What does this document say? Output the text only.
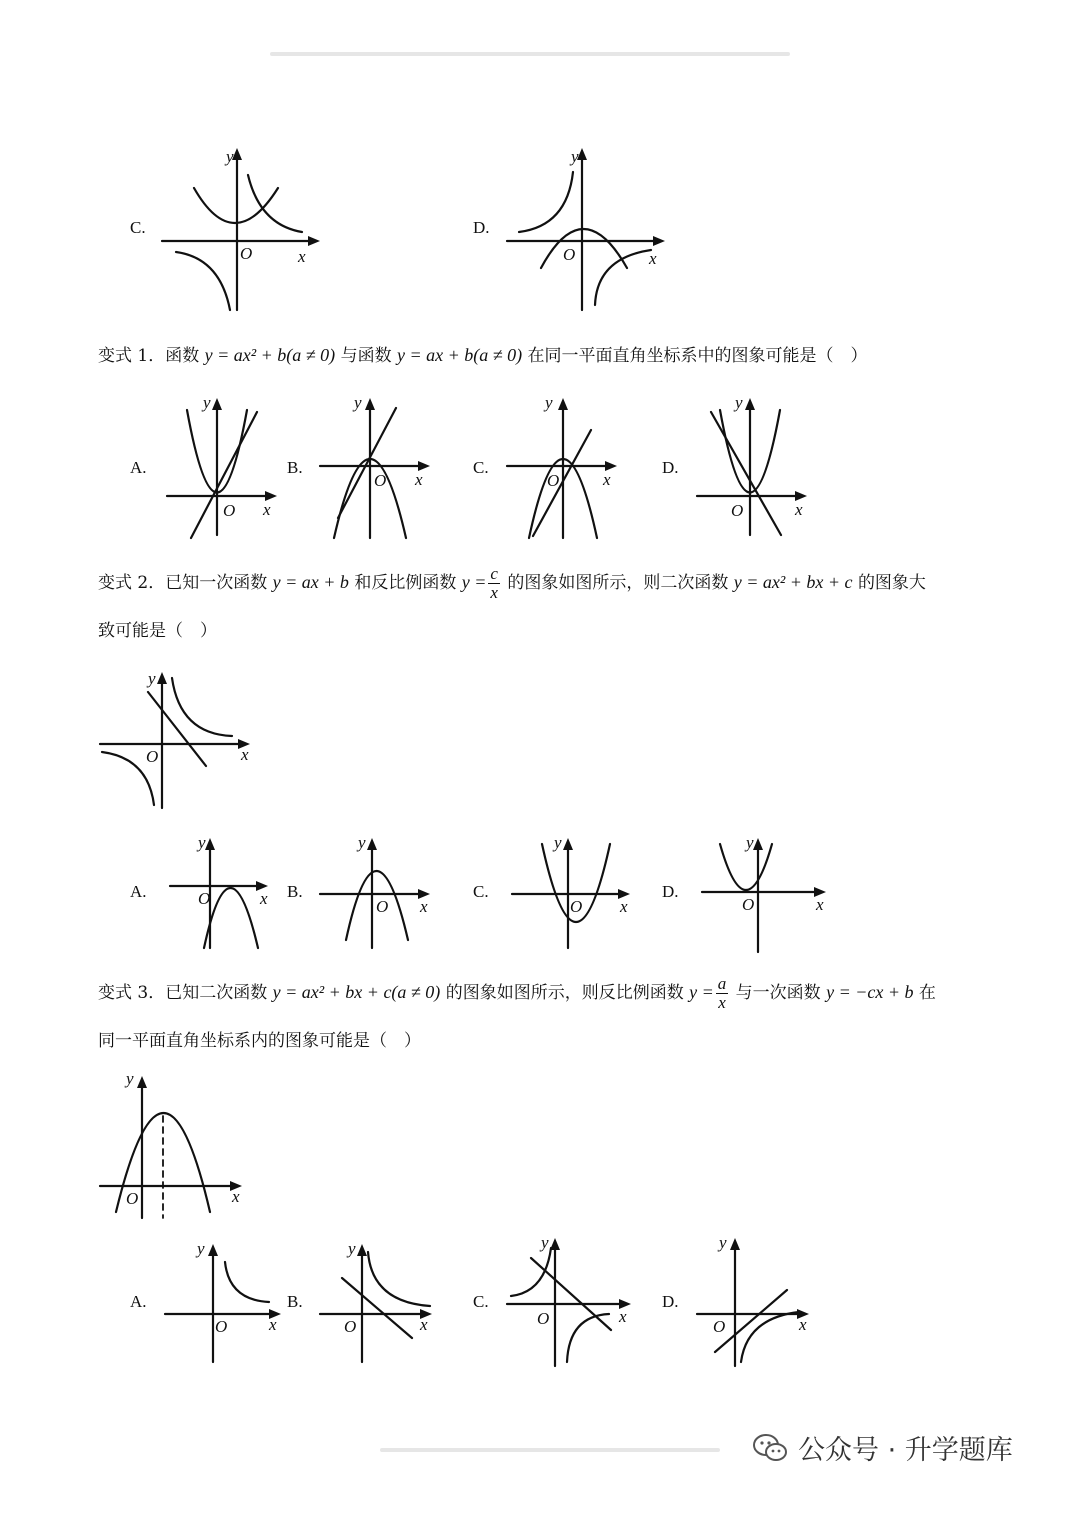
C.
y
x
O
D.
y
x
O
变式 1．函数 y = ax² + b(a ≠ 0) 与函数 y = ax + b(a ≠ 0) 在同一平面直角坐标系中的图象可能是（　）
A.
y
x
O
B.
y
x
O
C.
y
x
O
D.
y
x
O
变式 2．已知一次函数 y = ax + b 和反比例函数 $y = \frac{c}{x}$ 的图象如图所示，则二次函数 y = ax² + bx + c 的图象大
致可能是（　）
y
x
O
A.
y
x
O	B.
y
x
O
C.
y
x
O
D.
y
x
O
变式 3．已知二次函数 y = ax² + bx + c(a ≠ 0) 的图象如图所示，则反比例函数 $y = \frac{a}{x}$ 与一次函数 y = −cx + b 在
同一平面直角坐标系内的图象可能是（　）
y
x
O
A.
y
x
O
B.
y
x
O
C.
y
x
O
D.
y
x
O
公众号 · 升学题库
